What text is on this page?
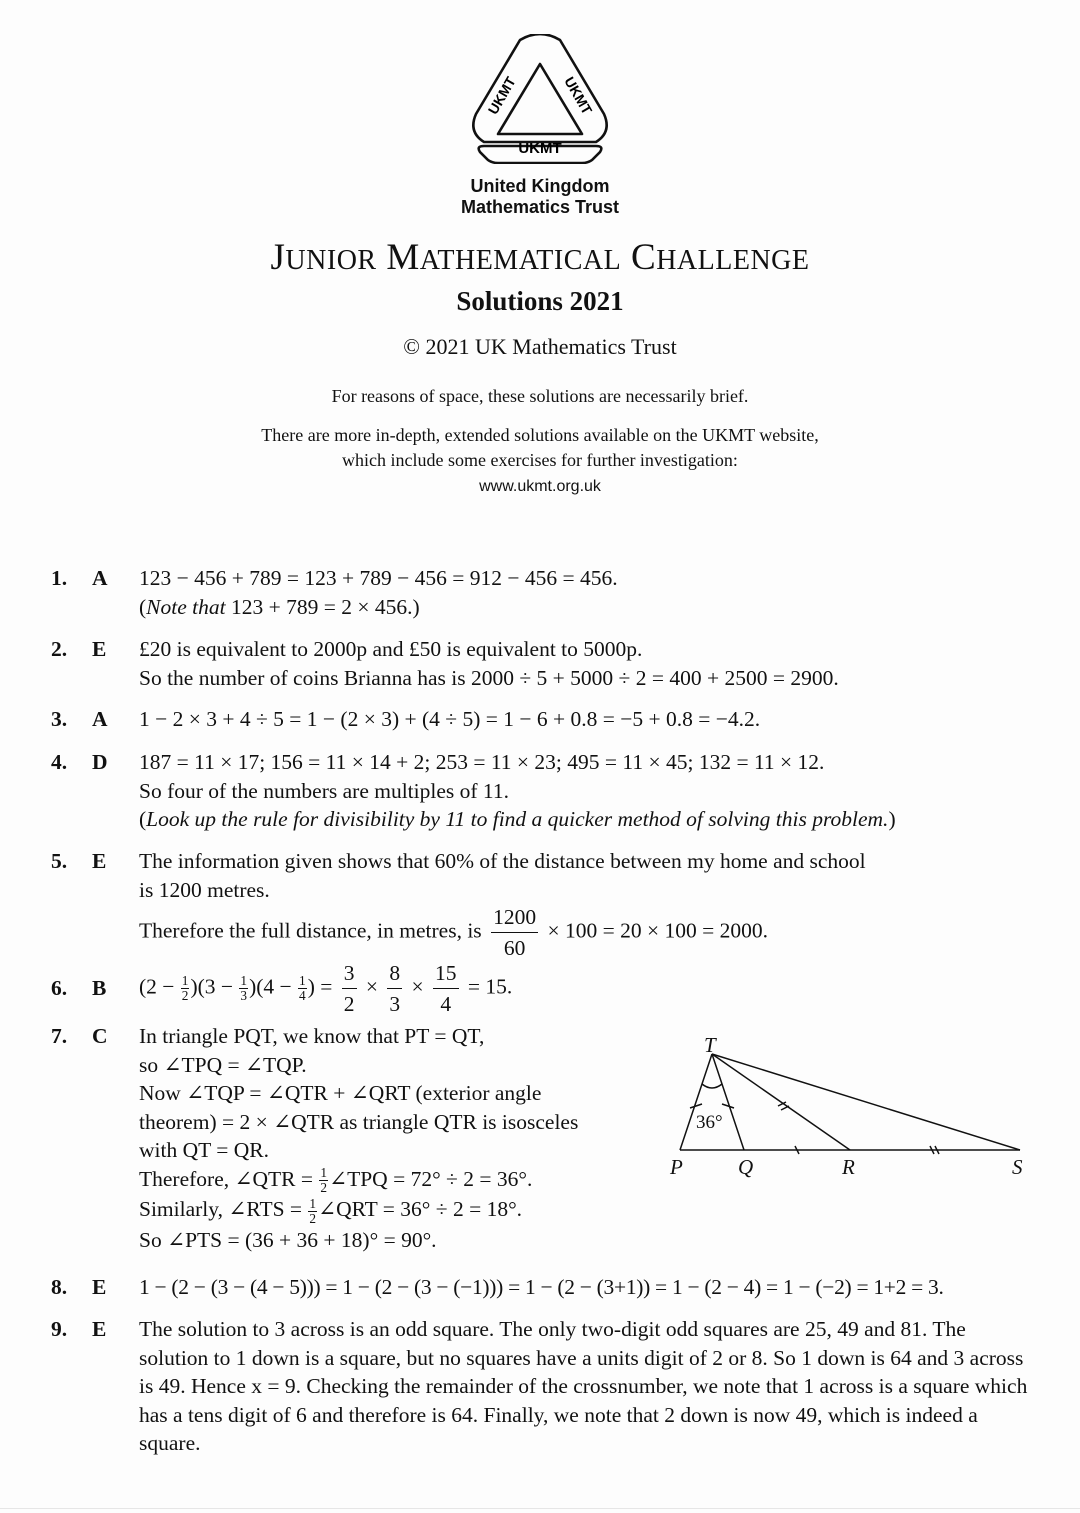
UKMT
UKMT	UKMT
United Kingdom
Mathematics Trust
JUNIOR MATHEMATICAL CHALLENGE
Solutions 2021
© 2021 UK Mathematics Trust
For reasons of space, these solutions are necessarily brief.
There are more in-depth, extended solutions available on the UKMT website,
which include some exercises for further investigation:
www.ukmt.org.uk
1. A 123 − 456 + 789 = 123 + 789 − 456 = 912 − 456 = 456.
(Note that 123 + 789 = 2 × 456.)
2. E £20 is equivalent to 2000p and £50 is equivalent to 5000p.
So the number of coins Brianna has is 2000 ÷ 5 + 5000 ÷ 2 = 400 + 2500 = 2900.
3. A 1 − 2 × 3 + 4 ÷ 5 = 1 − (2 × 3) + (4 ÷ 5) = 1 − 6 + 0.8 = −5 + 0.8 = −4.2.
4. D 187 = 11 × 17; 156 = 11 × 14 + 2; 253 = 11 × 23; 495 = 11 × 45; 132 = 11 × 12.
So four of the numbers are multiples of 11.
(Look up the rule for divisibility by 11 to find a quicker method of solving this problem.)
5. E The information given shows that 60% of the distance between my home and school
is 1200 metres.
Therefore the full distance, in metres, is $\frac{1200}{60} \times 100 = 20 \times 100 = 2000$.
6. B $(2 - \frac{1}{2} )(3 - \frac{1}{3} )(4 - \frac{1}{4}$ ) = $\frac{3}{2} \times \frac{8}{3} \times \frac{15}{4} = 15$.
7. C In triangle PQT, we know that PT = QT,
so ∠TPQ = ∠TQP.
Now ∠TQP = ∠QTR + ∠QRT (exterior angle
theorem) = 2 × ∠QTR as triangle QTR is isosceles
with QT = QR.
Therefore, ∠QTR = $\frac{1}{2}$ ∠TPQ = 72° ÷ 2 = 36°.
Similarly, ∠RTS = $\frac{1}{2}$ ∠QRT = 36° ÷ 2 = 18°.
So ∠PTS = (36 + 36 + 18)° = 90°.
T
P	Q	R	S
36°
8. E 1 − (2 − (3 − (4 − 5))) = 1 − (2 − (3 − (−1))) = 1 − (2 − (3+1)) = 1 − (2 − 4) = 1 − (−2) = 1+2 = 3.
9. E The solution to 3 across is an odd square. The only two-digit odd squares are 25, 49 and 81. The solution to 1 down is a square, but no squares have a units digit of 2 or 8. So 1 down is 64 and 3 across is 49. Hence x = 9. Checking the remainder of the crossnumber, we note that 1 across is a square which has a tens digit of 6 and therefore is 64. Finally, we note that 2 down is now 49, which is indeed a square.
